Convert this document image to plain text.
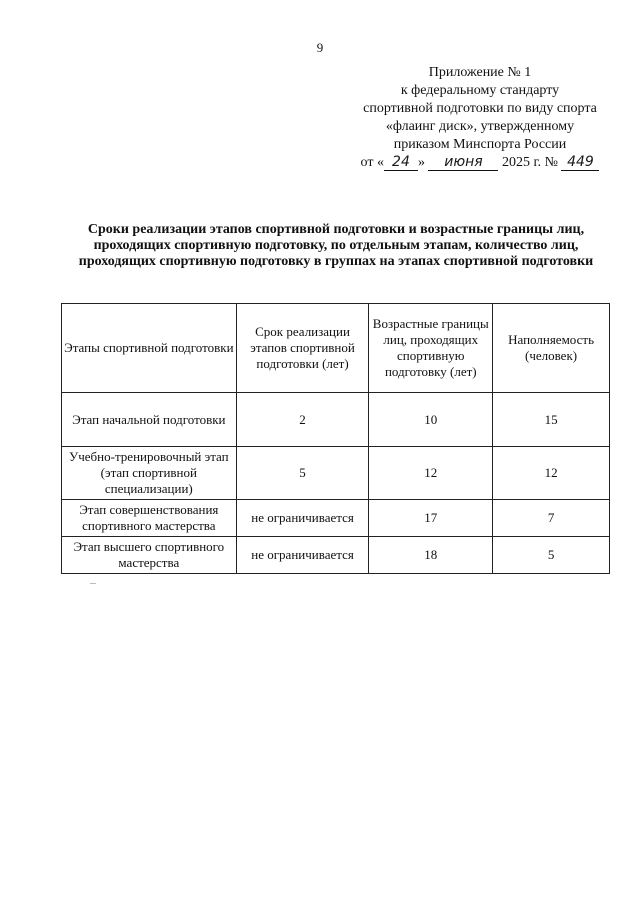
9
Приложение № 1
к федеральному стандарту
спортивной подготовки по виду спорта
«флаинг диск», утвержденному
приказом Минспорта России
от « 24 » июня 2025 г. № 449
Сроки реализации этапов спортивной подготовки и возрастные границы лиц, проходящих спортивную подготовку, по отдельным этапам, количество лиц, проходящих спортивную подготовку в группах на этапах спортивной подготовки
Этапы спортивной подготовки	Срок реализации этапов спортивной подготовки (лет)	Возрастные границы лиц, проходящих спортивную подготовку (лет)	Наполняемость (человек)
Этап начальной подготовки	2	10	15
Учебно-тренировочный этап (этап спортивной специализации)	5	12	12
Этап совершенствования спортивного мастерства	не ограничивается	17	7
Этап высшего спортивного мастерства	не ограничивается	18	5
